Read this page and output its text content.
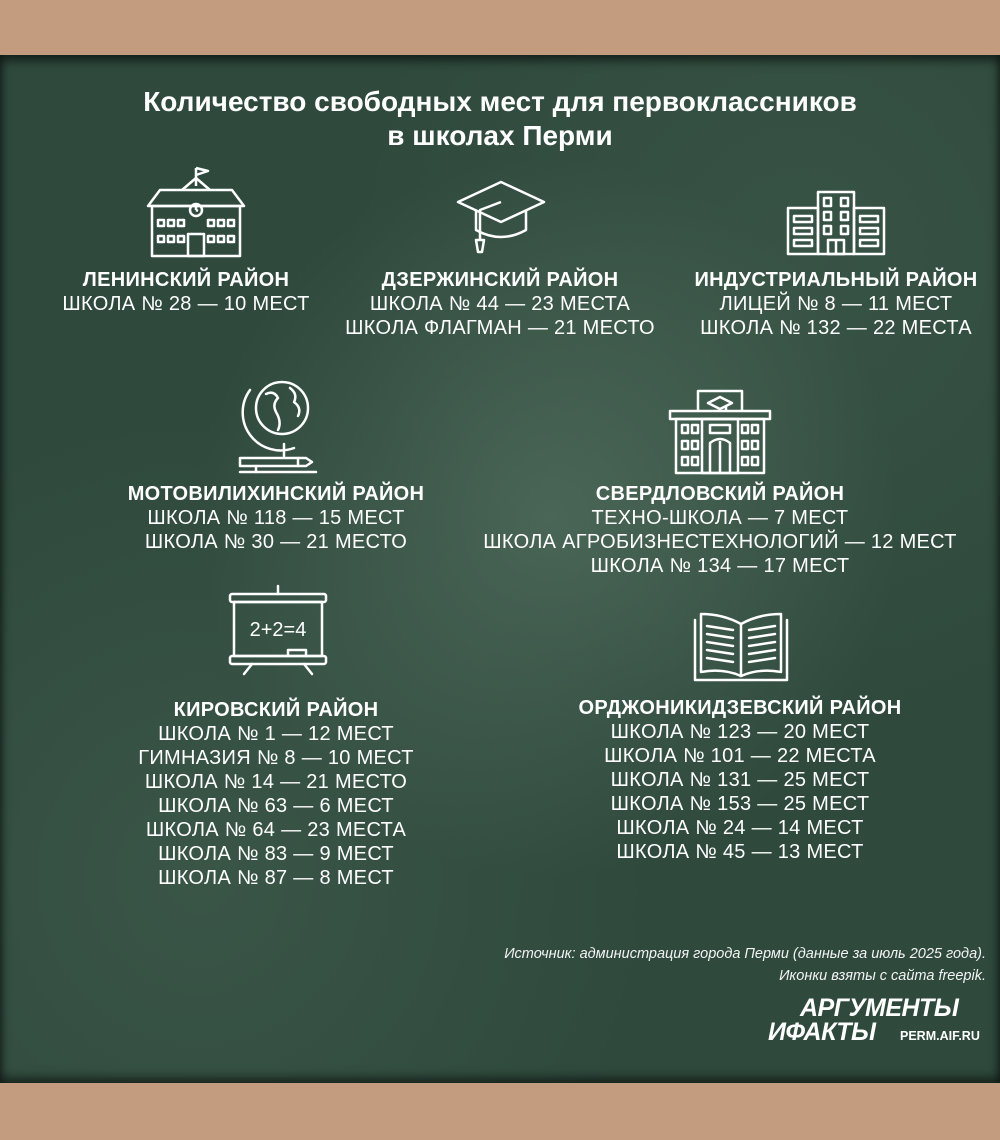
Количество свободных мест для первоклассников
в школах Перми
2+2=4
ЛЕНИНСКИЙ РАЙОН
ШКОЛА № 28 — 10 МЕСТ
ДЗЕРЖИНСКИЙ РАЙОН
ШКОЛА № 44 — 23 МЕСТА
ШКОЛА ФЛАГМАН — 21 МЕСТО
ИНДУСТРИАЛЬНЫЙ РАЙОН
ЛИЦЕЙ № 8 — 11 МЕСТ
ШКОЛА № 132 — 22 МЕСТА
МОТОВИЛИХИНСКИЙ РАЙОН
ШКОЛА № 118 — 15 МЕСТ
ШКОЛА № 30 — 21 МЕСТО
СВЕРДЛОВСКИЙ РАЙОН
ТЕХНО-ШКОЛА — 7 МЕСТ
ШКОЛА АГРОБИЗНЕСТЕХНОЛОГИЙ — 12 МЕСТ
ШКОЛА № 134 — 17 МЕСТ
КИРОВСКИЙ РАЙОН
ШКОЛА № 1 — 12 МЕСТ
ГИМНАЗИЯ № 8 — 10 МЕСТ
ШКОЛА № 14 — 21 МЕСТО
ШКОЛА № 63 — 6 МЕСТ
ШКОЛА № 64 — 23 МЕСТА
ШКОЛА № 83 — 9 МЕСТ
ШКОЛА № 87 — 8 МЕСТ
ОРДЖОНИКИДЗЕВСКИЙ РАЙОН
ШКОЛА № 123 — 20 МЕСТ
ШКОЛА № 101 — 22 МЕСТА
ШКОЛА № 131 — 25 МЕСТ
ШКОЛА № 153 — 25 МЕСТ
ШКОЛА № 24 — 14 МЕСТ
ШКОЛА № 45 — 13 МЕСТ
Источник: администрация города Перми (данные за июль 2025 года).
Иконки взяты с сайта freepik.
АРГУМЕНТЫ
ИФАКТЫ PERM.AIF.RU
